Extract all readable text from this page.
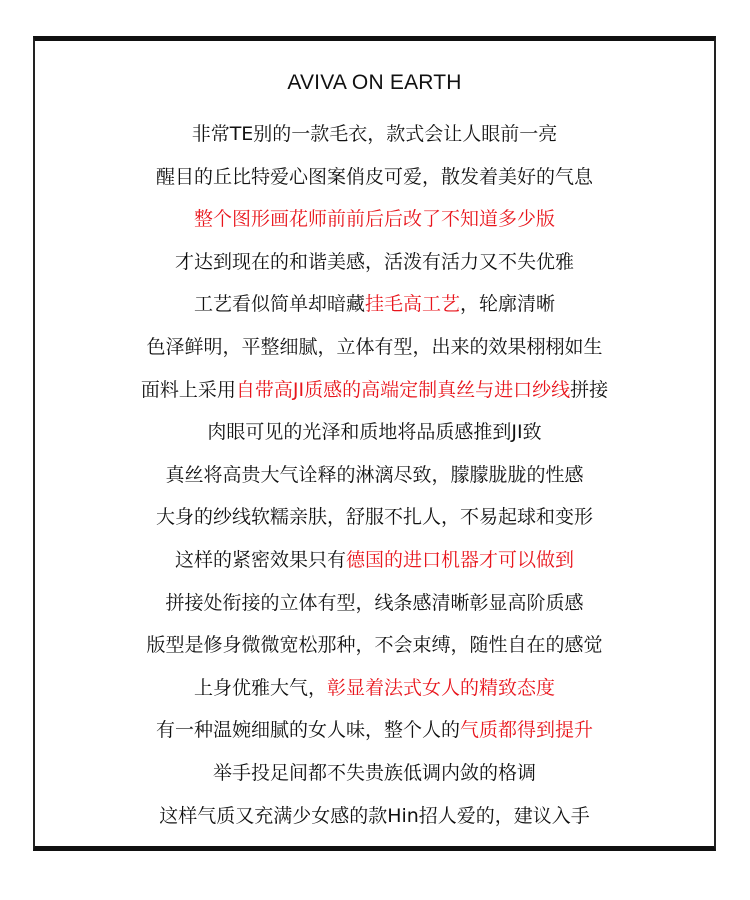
AVIVA ON EARTH
非常TE别的一款毛衣，款式会让人眼前一亮
醒目的丘比特爱心图案俏皮可爱，散发着美好的气息
整个图形画花师前前后后改了不知道多少版
才达到现在的和谐美感，活泼有活力又不失优雅
工艺看似简单却暗藏挂毛高工艺，轮廓清晰
色泽鲜明，平整细腻，立体有型，出来的效果栩栩如生
面料上采用自带高JI质感的高端定制真丝与进口纱线拼接
肉眼可见的光泽和质地将品质感推到JI致
真丝将高贵大气诠释的淋漓尽致，朦朦胧胧的性感
大身的纱线软糯亲肤，舒服不扎人，不易起球和变形
这样的紧密效果只有德国的进口机器才可以做到
拼接处衔接的立体有型，线条感清晰彰显高阶质感
版型是修身微微宽松那种，不会束缚，随性自在的感觉
上身优雅大气，彰显着法式女人的精致态度
有一种温婉细腻的女人味，整个人的气质都得到提升
举手投足间都不失贵族低调内敛的格调
这样气质又充满少女感的款Hin招人爱的，建议入手
